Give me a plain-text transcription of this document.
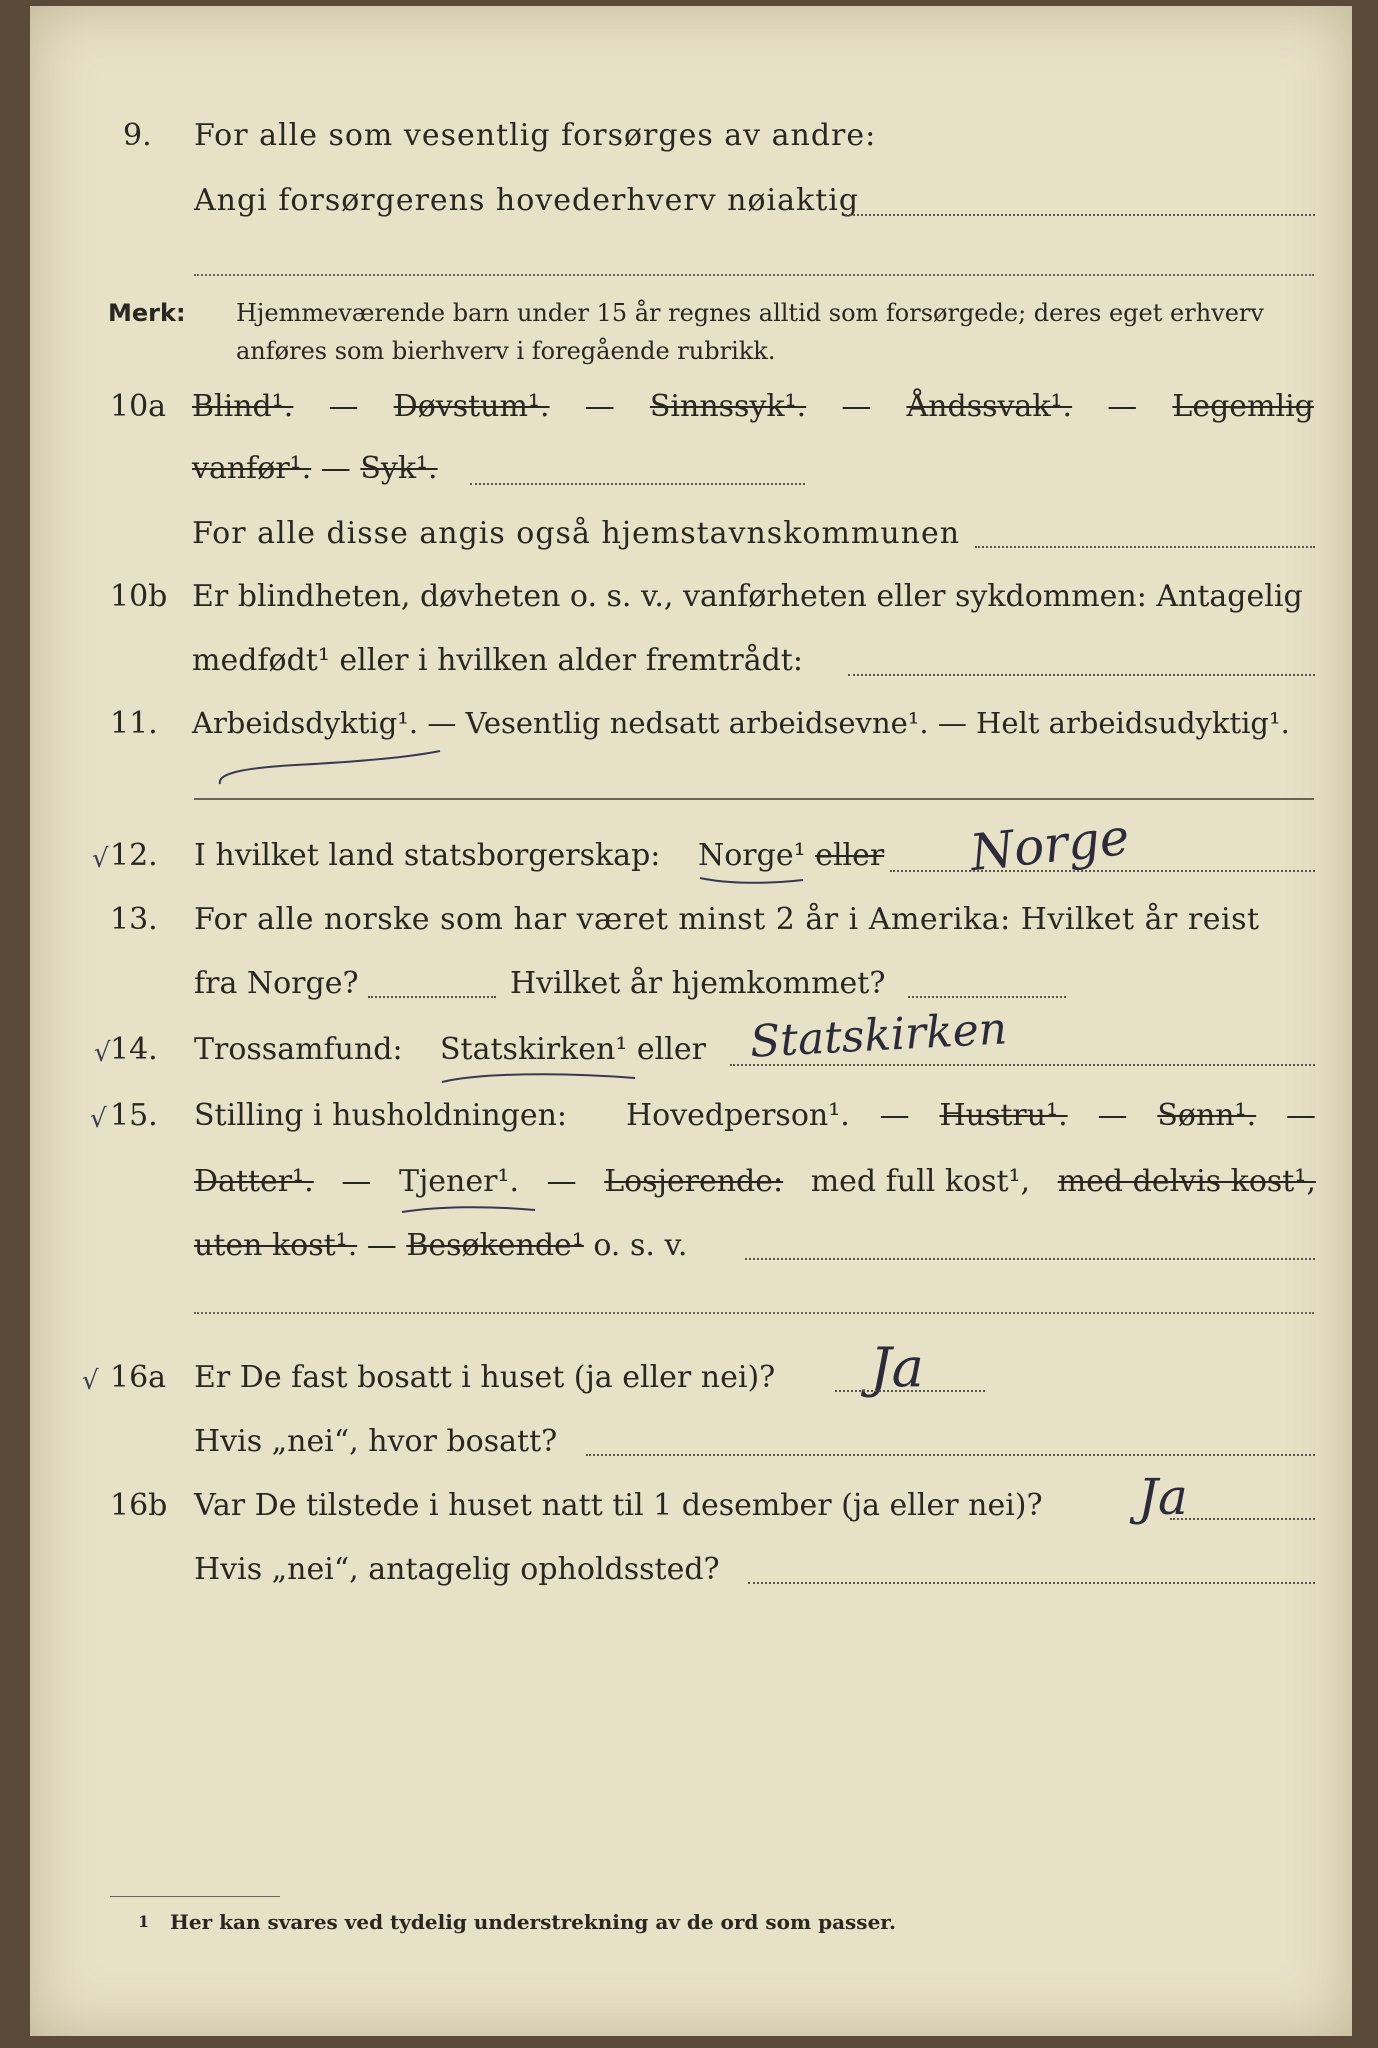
9. For alle som vesentlig forsørges av andre:
Angi forsørgerens hovederhverv nøiaktig
Merk: Hjemmeværende barn under 15 år regnes alltid som forsørgede; deres eget erhverv
anføres som bierhverv i foregående rubrikk.
10a Blind¹. — Døvstum¹. — Sinnssyk¹. — Åndssvak¹. — Legemlig
vanfør¹. — Syk¹.
For alle disse angis også hjemstavnskommunen
10b Er blindheten, døvheten o. s. v., vanførheten eller sykdommen: Antagelig
medfødt¹ eller i hvilken alder fremtrådt:
11. Arbeidsdyktig¹. — Vesentlig nedsatt arbeidsevne¹. — Helt arbeidsudyktig¹.
√ 12. I hvilket land statsborgerskap: Norge¹ eller Norge
13. For alle norske som har været minst 2 år i Amerika: Hvilket år reist
fra Norge?	Hvilket år hjemkommet?
√ 14. Trossamfund: Statskirken¹ eller Statskirken
√ 15. Stilling i husholdningen: Hovedperson¹. — Hustru¹. — Sønn¹. —
Datter¹. — Tjener¹. — Losjerende: med full kost¹, med delvis kost¹,
uten kost¹. — Besøkende¹ o. s. v.
√ 16a Er De fast bosatt i huset (ja eller nei)? Ja
Hvis „nei“, hvor bosatt?
16b Var De tilstede i huset natt til 1 desember (ja eller nei)? Ja
Hvis „nei“, antagelig opholdssted?
1 Her kan svares ved tydelig understrekning av de ord som passer.
